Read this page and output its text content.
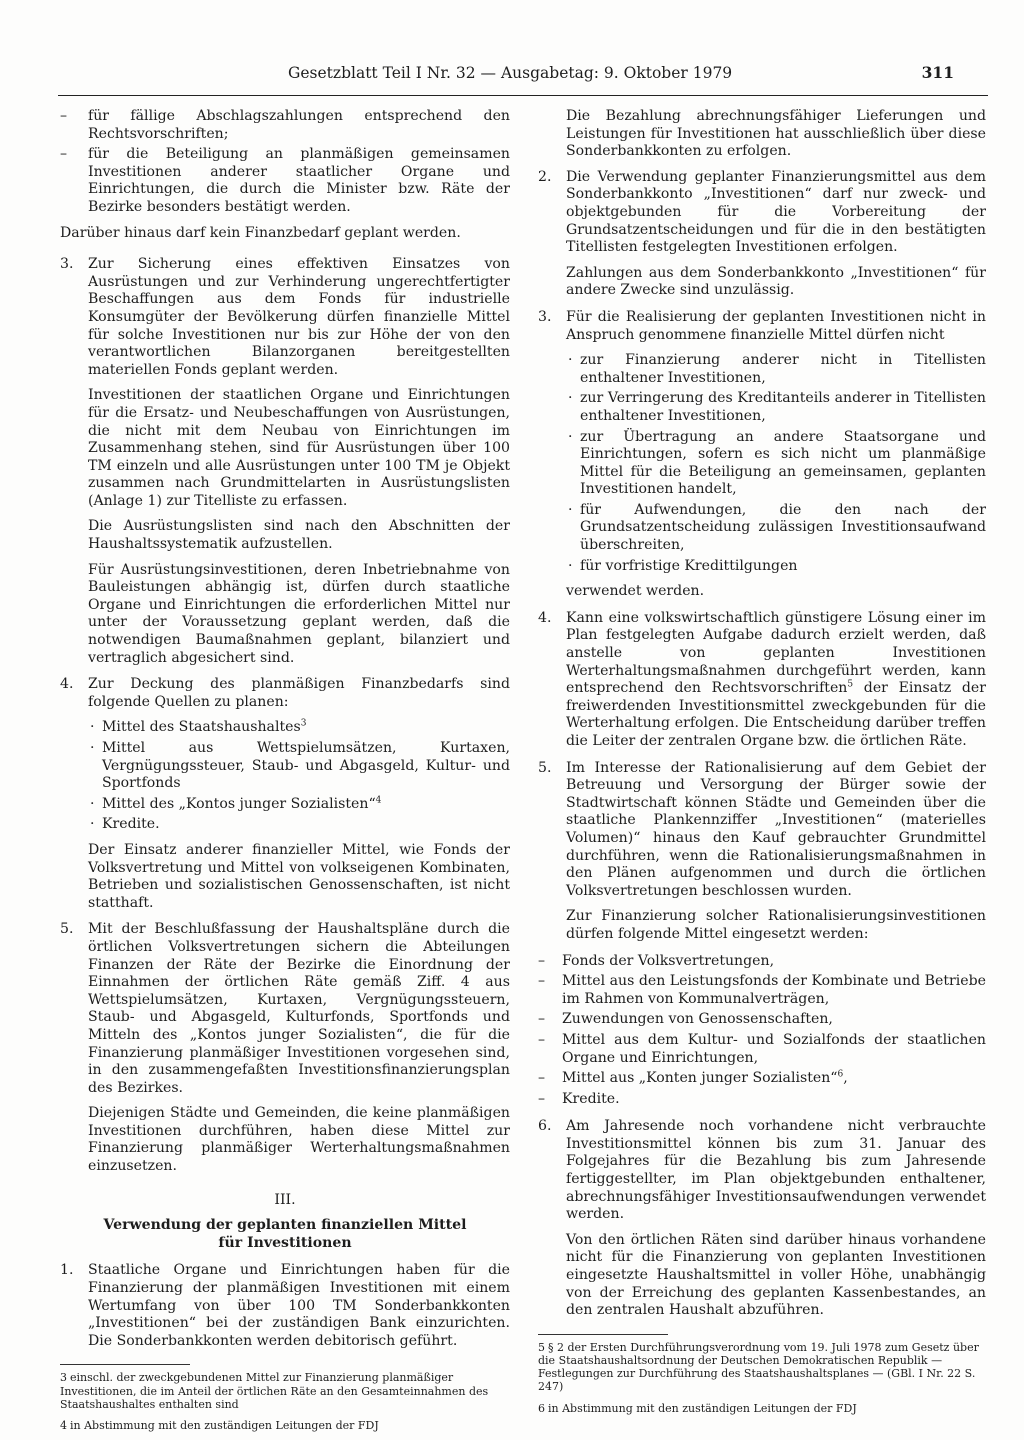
Gesetzblatt Teil I Nr. 32 — Ausgabetag: 9. Oktober 1979	311
– für fällige Abschlagszahlungen entsprechend den Rechtsvorschriften;
– für die Beteiligung an planmäßigen gemeinsamen Investitionen anderer staatlicher Organe und Einrichtungen, die durch die Minister bzw. Räte der Bezirke besonders bestätigt werden.

Darüber hinaus darf kein Finanzbedarf geplant werden.

3. Zur Sicherung eines effektiven Einsatzes von Ausrüstungen und zur Verhinderung ungerechtfertigter Beschaffungen aus dem Fonds für industrielle Konsumgüter der Bevölkerung dürfen finanzielle Mittel für solche Investitionen nur bis zur Höhe der von den verantwortlichen Bilanzorganen bereitgestellten materiellen Fonds geplant werden.

Investitionen der staatlichen Organe und Einrichtungen für die Ersatz- und Neubeschaffungen von Ausrüstungen, die nicht mit dem Neubau von Einrichtungen im Zusammenhang stehen, sind für Ausrüstungen über 100 TM einzeln und alle Ausrüstungen unter 100 TM je Objekt zusammen nach Grundmittelarten in Ausrüstungslisten (Anlage 1) zur Titelliste zu erfassen.

Die Ausrüstungslisten sind nach den Abschnitten der Haushaltssystematik aufzustellen.

Für Ausrüstungsinvestitionen, deren Inbetriebnahme von Bauleistungen abhängig ist, dürfen durch staatliche Organe und Einrichtungen die erforderlichen Mittel nur unter der Voraussetzung geplant werden, daß die notwendigen Baumaßnahmen geplant, bilanziert und vertraglich abgesichert sind.

4. Zur Deckung des planmäßigen Finanzbedarfs sind folgende Quellen zu planen:

· Mittel des Staatshaushaltes$^3$
· Mittel aus Wettspielumsätzen, Kurtaxen, Vergnügungssteuer, Staub- und Abgasgeld, Kultur- und Sportfonds
· Mittel des „Kontos junger Sozialisten“$^4$
· Kredite.

Der Einsatz anderer finanzieller Mittel, wie Fonds der Volksvertretung und Mittel von volkseigenen Kombinaten, Betrieben und sozialistischen Genossenschaften, ist nicht statthaft.

5. Mit der Beschlußfassung der Haushaltspläne durch die örtlichen Volksvertretungen sichern die Abteilungen Finanzen der Räte der Bezirke die Einordnung der Einnahmen der örtlichen Räte gemäß Ziff. 4 aus Wettspielumsätzen, Kurtaxen, Vergnügungssteuern, Staub- und Abgasgeld, Kulturfonds, Sportfonds und Mitteln des „Kontos junger Sozialisten“, die für die Finanzierung planmäßiger Investitionen vorgesehen sind, in den zusammengefaßten Investitionsfinanzierungsplan des Bezirkes.

Diejenigen Städte und Gemeinden, die keine planmäßigen Investitionen durchführen, haben diese Mittel zur Finanzierung planmäßiger Werterhaltungsmaßnahmen einzusetzen.

III.
Verwendung der geplanten finanziellen Mittel
für Investitionen
1. Staatliche Organe und Einrichtungen haben für die Finanzierung der planmäßigen Investitionen mit einem Wertumfang von über 100 TM Sonderbankkonten „Investitionen“ bei der zuständigen Bank einzurichten. Die Sonderbankkonten werden debitorisch geführt.

3 einschl. der zweckgebundenen Mittel zur Finanzierung planmäßiger Investitionen, die im Anteil der örtlichen Räte an den Gesamteinnahmen des Staatshaushaltes enthalten sind

4 in Abstimmung mit den zuständigen Leitungen der FDJ

Die Bezahlung abrechnungsfähiger Lieferungen und Leistungen für Investitionen hat ausschließlich über diese Sonderbankkonten zu erfolgen.

2. Die Verwendung geplanter Finanzierungsmittel aus dem Sonderbankkonto „Investitionen“ darf nur zweck- und objektgebunden für die Vorbereitung der Grundsatzentscheidungen und für die in den bestätigten Titellisten festgelegten Investitionen erfolgen.

Zahlungen aus dem Sonderbankkonto „Investitionen“ für andere Zwecke sind unzulässig.

3. Für die Realisierung der geplanten Investitionen nicht in Anspruch genommene finanzielle Mittel dürfen nicht

· zur Finanzierung anderer nicht in Titellisten enthaltener Investitionen,
· zur Verringerung des Kreditanteils anderer in Titellisten enthaltener Investitionen,
· zur Übertragung an andere Staatsorgane und Einrichtungen, sofern es sich nicht um planmäßige Mittel für die Beteiligung an gemeinsamen, geplanten Investitionen handelt,
· für Aufwendungen, die den nach der Grundsatzentscheidung zulässigen Investitionsaufwand überschreiten,
· für vorfristige Kredittilgungen

verwendet werden.

4. Kann eine volkswirtschaftlich günstigere Lösung einer im Plan festgelegten Aufgabe dadurch erzielt werden, daß anstelle von geplanten Investitionen Werterhaltungsmaßnahmen durchgeführt werden, kann entsprechend den Rechtsvorschriften$^5$ der Einsatz der freiwerdenden Investitionsmittel zweckgebunden für die Werterhaltung erfolgen. Die Entscheidung darüber treffen die Leiter der zentralen Organe bzw. die örtlichen Räte.

5. Im Interesse der Rationalisierung auf dem Gebiet der Betreuung und Versorgung der Bürger sowie der Stadtwirtschaft können Städte und Gemeinden über die staatliche Plankennziffer „Investitionen“ (materielles Volumen)“ hinaus den Kauf gebrauchter Grundmittel durchführen, wenn die Rationalisierungsmaßnahmen in den Plänen aufgenommen und durch die örtlichen Volksvertretungen beschlossen wurden.

Zur Finanzierung solcher Rationalisierungsinvestitionen dürfen folgende Mittel eingesetzt werden:

– Fonds der Volksvertretungen,
– Mittel aus den Leistungsfonds der Kombinate und Betriebe im Rahmen von Kommunalverträgen,
– Zuwendungen von Genossenschaften,
– Mittel aus dem Kultur- und Sozialfonds der staatlichen Organe und Einrichtungen,
– Mittel aus „Konten junger Sozialisten“$^6$,
– Kredite.
6. Am Jahresende noch vorhandene nicht verbrauchte Investitionsmittel können bis zum 31. Januar des Folgejahres für die Bezahlung bis zum Jahresende fertiggestellter, im Plan objektgebunden enthaltener, abrechnungsfähiger Investitionsaufwendungen verwendet werden.

Von den örtlichen Räten sind darüber hinaus vorhandene nicht für die Finanzierung von geplanten Investitionen eingesetzte Haushaltsmittel in voller Höhe, unabhängig von der Erreichung des geplanten Kassenbestandes, an den zentralen Haushalt abzuführen.

5 § 2 der Ersten Durchführungsverordnung vom 19. Juli 1978 zum Gesetz über die Staatshaushaltsordnung der Deutschen Demokratischen Republik — Festlegungen zur Durchführung des Staatshaushaltsplanes — (GBl. I Nr. 22 S. 247)

6 in Abstimmung mit den zuständigen Leitungen der FDJ
